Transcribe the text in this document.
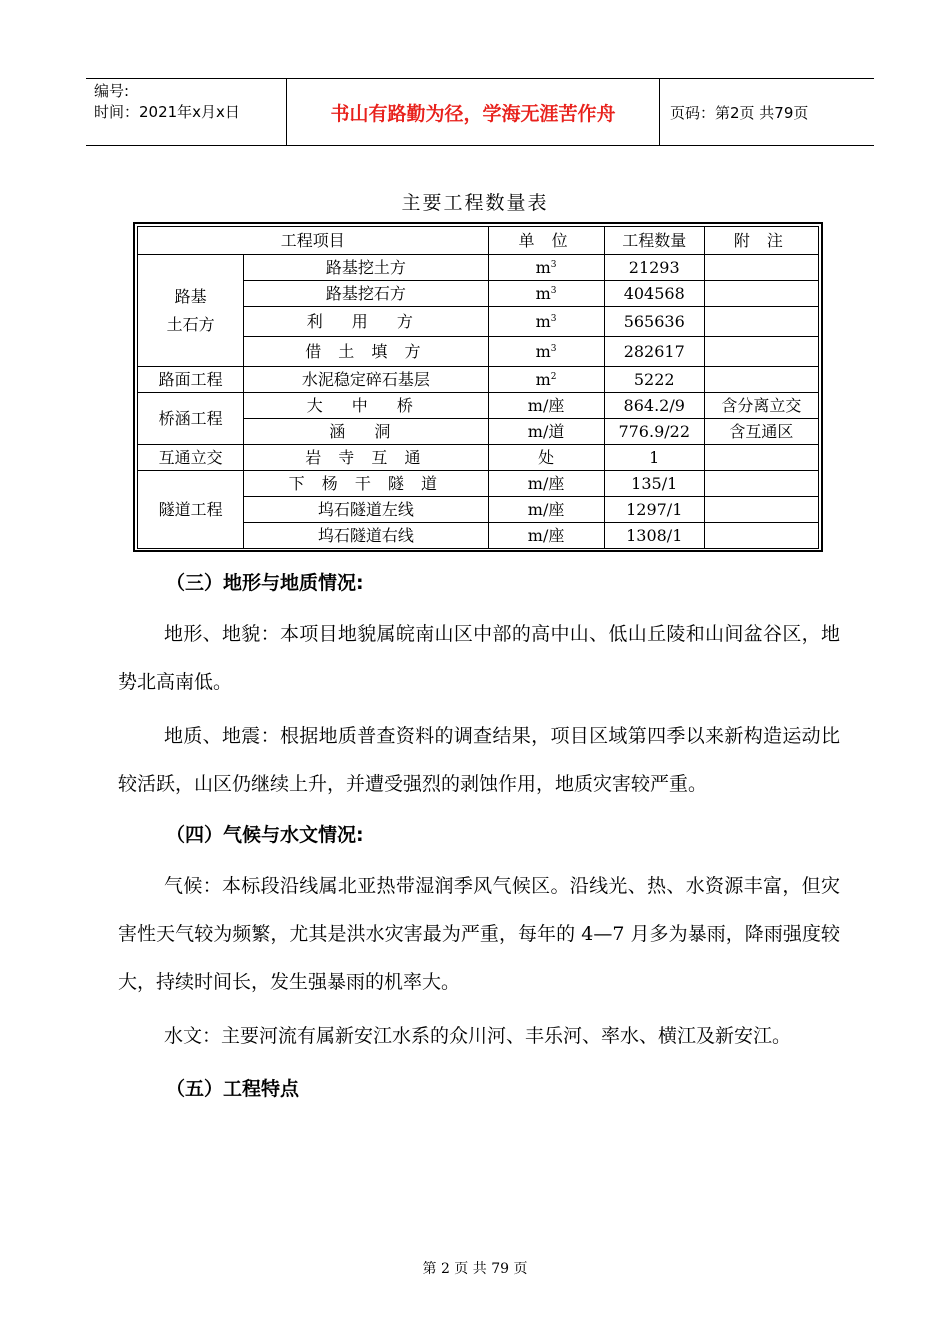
编号:
时间：2021年x月x日	书山有路勤为径，学海无涯苦作舟	页码：第2页 共79页
主要工程数量表
工程项目		单 位	工程数量	附 注

路基
土石方	路基挖土方	$m^3$	21293	
	路基挖石方	$m^3$	404568	
	利 用 方	$m^3$	565636	
	借 土 填 方	$m^3$	282617	
路面工程	水泥稳定碎石基层	$m^2$	5222	
桥涵工程	大 中 桥	m/座	864.2/9	含分离立交
	涵 洞	m/道	776.9/22	含互通区
互通立交	岩 寺 互 通	处	1	
隧道工程	下 杨 干 隧 道	m/座	135/1	
	坞石隧道左线	m/座	1297/1	
	坞石隧道右线	m/座	1308/1	
（三）地形与地质情况:

地形、地貌：本项目地貌属皖南山区中部的高中山、低山丘陵和山间盆谷区，地势北高南低。

地质、地震：根据地质普查资料的调查结果，项目区域第四季以来新构造运动比较活跃，山区仍继续上升，并遭受强烈的剥蚀作用，地质灾害较严重。

（四）气候与水文情况:

气候：本标段沿线属北亚热带湿润季风气候区。沿线光、热、水资源丰富，但灾害性天气较为频繁，尤其是洪水灾害最为严重，每年的 4—7 月多为暴雨，降雨强度较大，持续时间长，发生强暴雨的机率大。

水文：主要河流有属新安江水系的众川河、丰乐河、率水、横江及新安江。

（五）工程特点
第 2 页 共 79 页
